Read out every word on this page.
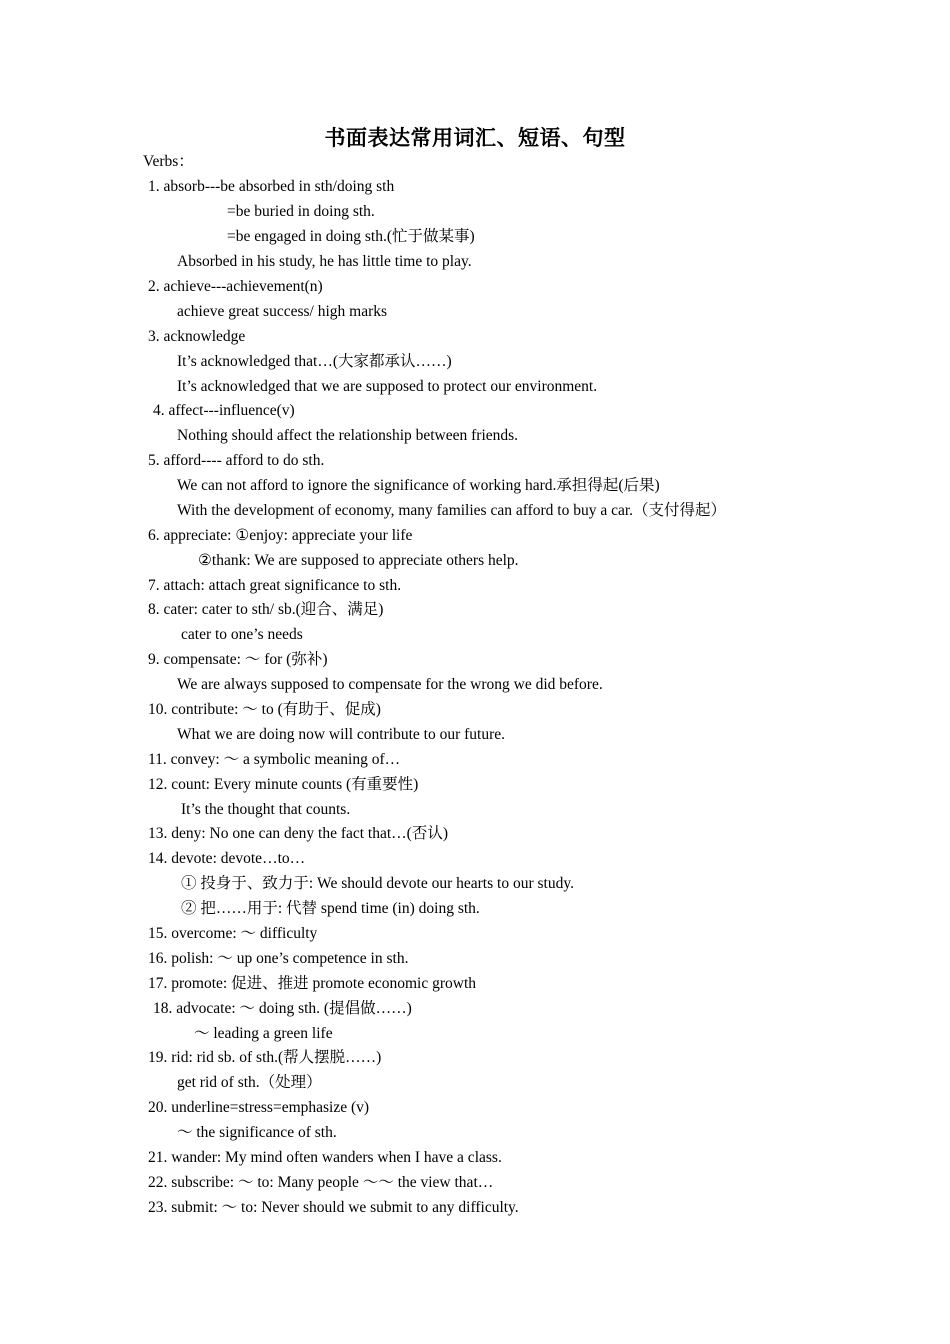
书面表达常用词汇、短语、句型
Verbs：
1. absorb---be absorbed in sth/doing sth
=be buried in doing sth.
=be engaged in doing sth.(忙于做某事)
Absorbed in his study, he has little time to play.
2. achieve---achievement(n)
achieve great success/ high marks
3. acknowledge
It’s acknowledged that…(大家都承认……)
It’s acknowledged that we are supposed to protect our environment.
4. affect---influence(v)
Nothing should affect the relationship between friends.
5. afford---- afford to do sth.
We can not afford to ignore the significance of working hard.承担得起(后果)
With the development of economy, many families can afford to buy a car.（支付得起）
6. appreciate: ①enjoy: appreciate your life
②thank: We are supposed to appreciate others help.
7. attach: attach great significance to sth.
8. cater: cater to sth/ sb.(迎合、满足)
cater to one’s needs
9. compensate: ～ for (弥补)
We are always supposed to compensate for the wrong we did before.
10. contribute: ～ to (有助于、促成)
What we are doing now will contribute to our future.
11. convey: ～ a symbolic meaning of…
12. count: Every minute counts (有重要性)
It’s the thought that counts.
13. deny: No one can deny the fact that…(否认)
14. devote: devote…to…
① 投身于、致力于: We should devote our hearts to our study.
② 把……用于: 代替 spend time (in) doing sth.
15. overcome: ～ difficulty
16. polish: ～ up one’s competence in sth.
17. promote: 促进、推进 promote economic growth
18. advocate: ～ doing sth. (提倡做……)
～ leading a green life
19. rid: rid sb. of sth.(帮人摆脱……)
get rid of sth.（处理）
20. underline=stress=emphasize (v)
～ the significance of sth.
21. wander: My mind often wanders when I have a class.
22. subscribe: ～ to: Many people ～～ the view that…
23. submit: ～ to: Never should we submit to any difficulty.
